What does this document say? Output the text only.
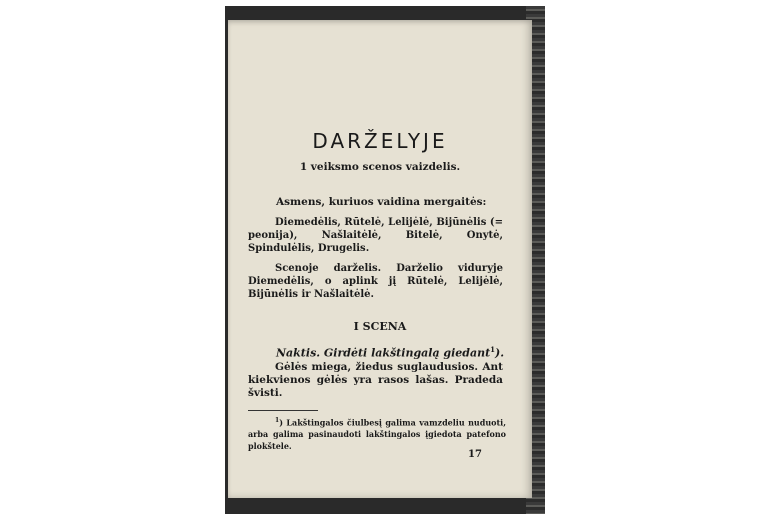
DARŽELYJE
1 veiksmo scenos vaizdelis.
Asmens, kuriuos vaidina mergaitės:
Diemedėlis, Rūtelė, Lelijėlė, Bijūnėlis (= peonija), Našlaitėlė, Bitelė, Onytė, Spindulėlis, Drugelis.
Scenoje darželis. Darželio viduryje Diemedėlis, o aplink jį Rūtelė, Lelijėlė, Bijūnėlis ir Našlaitėlė.
I SCENA
Naktis. Girdėti lakštingalą giedant$^1$).
Gėlės miega, žiedus suglaudusios. Ant kiekvienos gėlės yra rasos lašas. Pradeda švisti.
$^1$) Lakštingalos čiulbesį galima vamzdeliu nuduoti, arba galima pasinaudoti lakštingalos įgiedota patefono plokštele.
17
